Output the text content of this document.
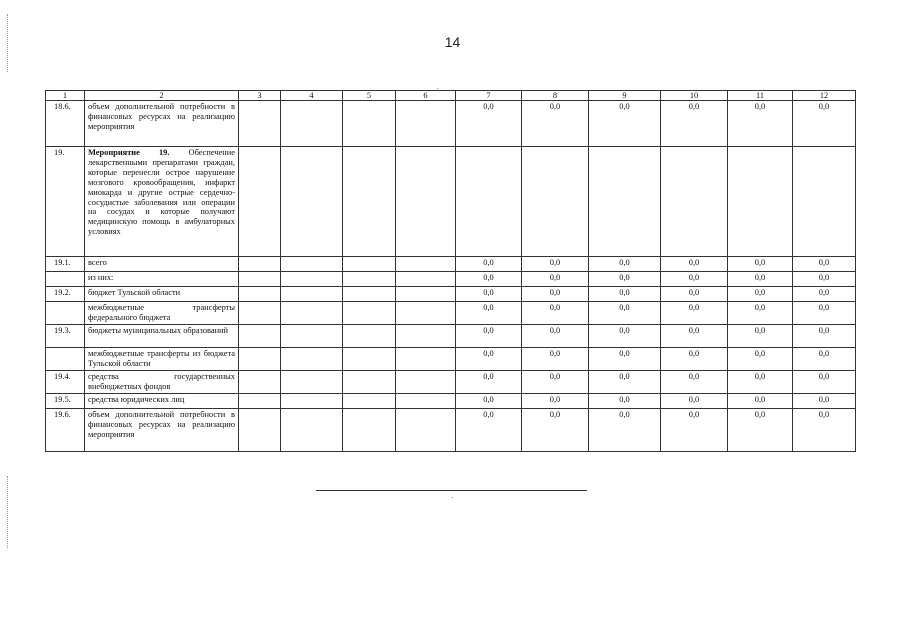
14
1	2	3	4	5	6	7	8	9	10	11	12
18.6.	объем дополнительной потребности в финансовых ресурсах на реализацию мероприятия					0,0	0,0	0,0	0,0	0,0	0,0
19.	Мероприятие 19. Обеспечение лекарственными препаратами граждан, которые перенесли острое нарушение мозгового кровообращения, инфаркт миокарда и другие острые сердечно-сосудистые заболевания или операции на сосудах и которые получают медицинскую помощь в амбулаторных условиях										
19.1.	всего					0,0	0,0	0,0	0,0	0,0	0,0
	из них:					0,0	0,0	0,0	0,0	0,0	0,0
19.2.	бюджет Тульской области					0,0	0,0	0,0	0,0	0,0	0,0
	межбюджетные трансферты федерального бюджета					0,0	0,0	0,0	0,0	0,0	0,0
19.3.	бюджеты муниципальных образований					0,0	0,0	0,0	0,0	0,0	0,0
	межбюджетные трансферты из бюджета Тульской области					0,0	0,0	0,0	0,0	0,0	0,0
19.4.	средства государственных внебюджетных фондов					0,0	0,0	0,0	0,0	0,0	0,0
19.5.	средства юридических лиц					0,0	0,0	0,0	0,0	0,0	0,0
19.6.	объем дополнительной потребности в финансовых ресурсах на реализацию мероприятия					0,0	0,0	0,0	0,0	0,0	0,0
